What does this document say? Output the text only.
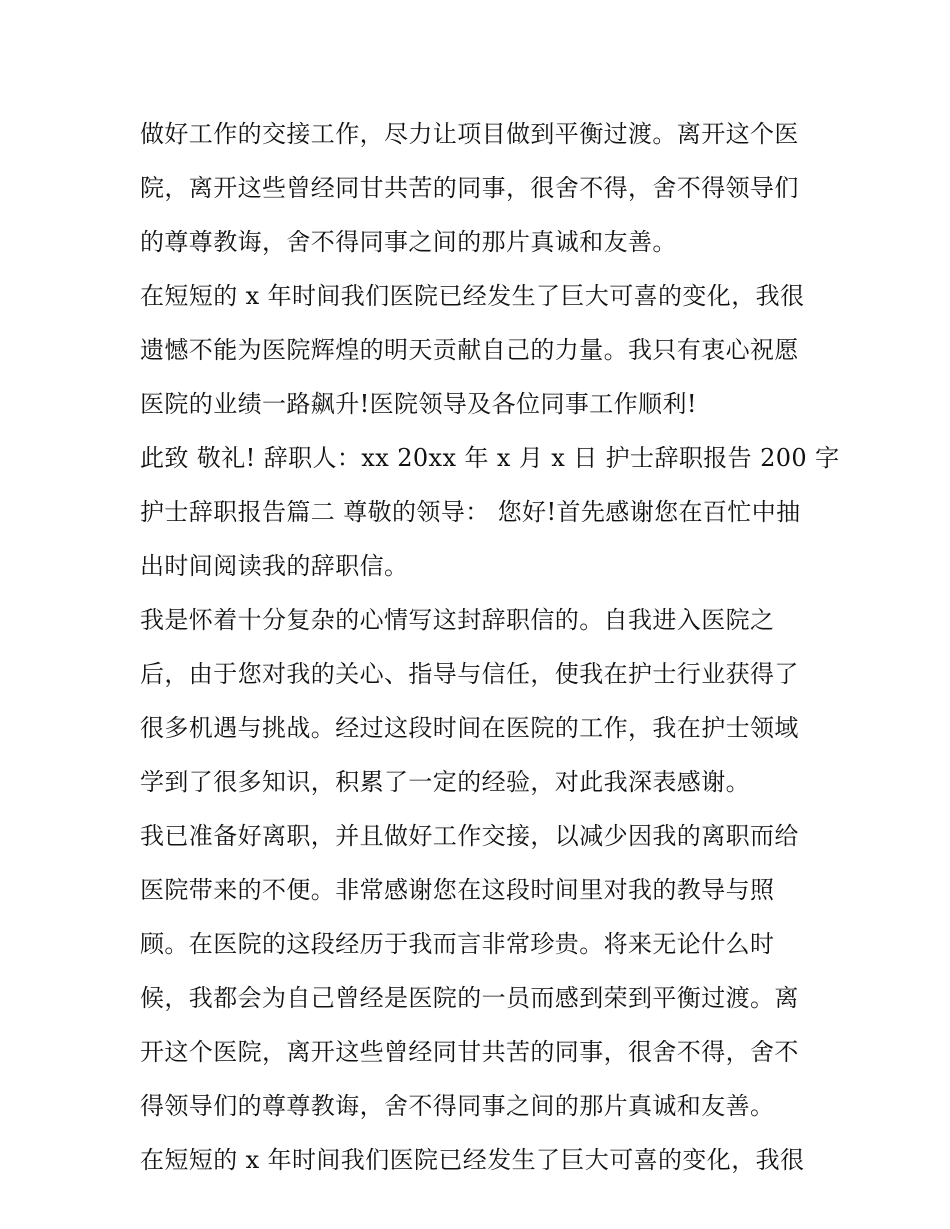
做好工作的交接工作，尽力让项目做到平衡过渡。离开这个医
院，离开这些曾经同甘共苦的同事，很舍不得，舍不得领导们
的尊尊教诲，舍不得同事之间的那片真诚和友善。
在短短的 x 年时间我们医院已经发生了巨大可喜的变化，我很
遗憾不能为医院辉煌的明天贡献自己的力量。我只有衷心祝愿
医院的业绩一路飙升!医院领导及各位同事工作顺利!
此致 敬礼! 辞职人：xx 20xx 年 x 月 x 日 护士辞职报告 200 字
护士辞职报告篇二 尊敬的领导： 您好!首先感谢您在百忙中抽
出时间阅读我的辞职信。
我是怀着十分复杂的心情写这封辞职信的。自我进入医院之
后，由于您对我的关心、指导与信任，使我在护士行业获得了
很多机遇与挑战。经过这段时间在医院的工作，我在护士领域
学到了很多知识，积累了一定的经验，对此我深表感谢。
我已准备好离职，并且做好工作交接，以减少因我的离职而给
医院带来的不便。非常感谢您在这段时间里对我的教导与照
顾。在医院的这段经历于我而言非常珍贵。将来无论什么时
候，我都会为自己曾经是医院的一员而感到荣到平衡过渡。离
开这个医院，离开这些曾经同甘共苦的同事，很舍不得，舍不
得领导们的尊尊教诲，舍不得同事之间的那片真诚和友善。
在短短的 x 年时间我们医院已经发生了巨大可喜的变化，我很
